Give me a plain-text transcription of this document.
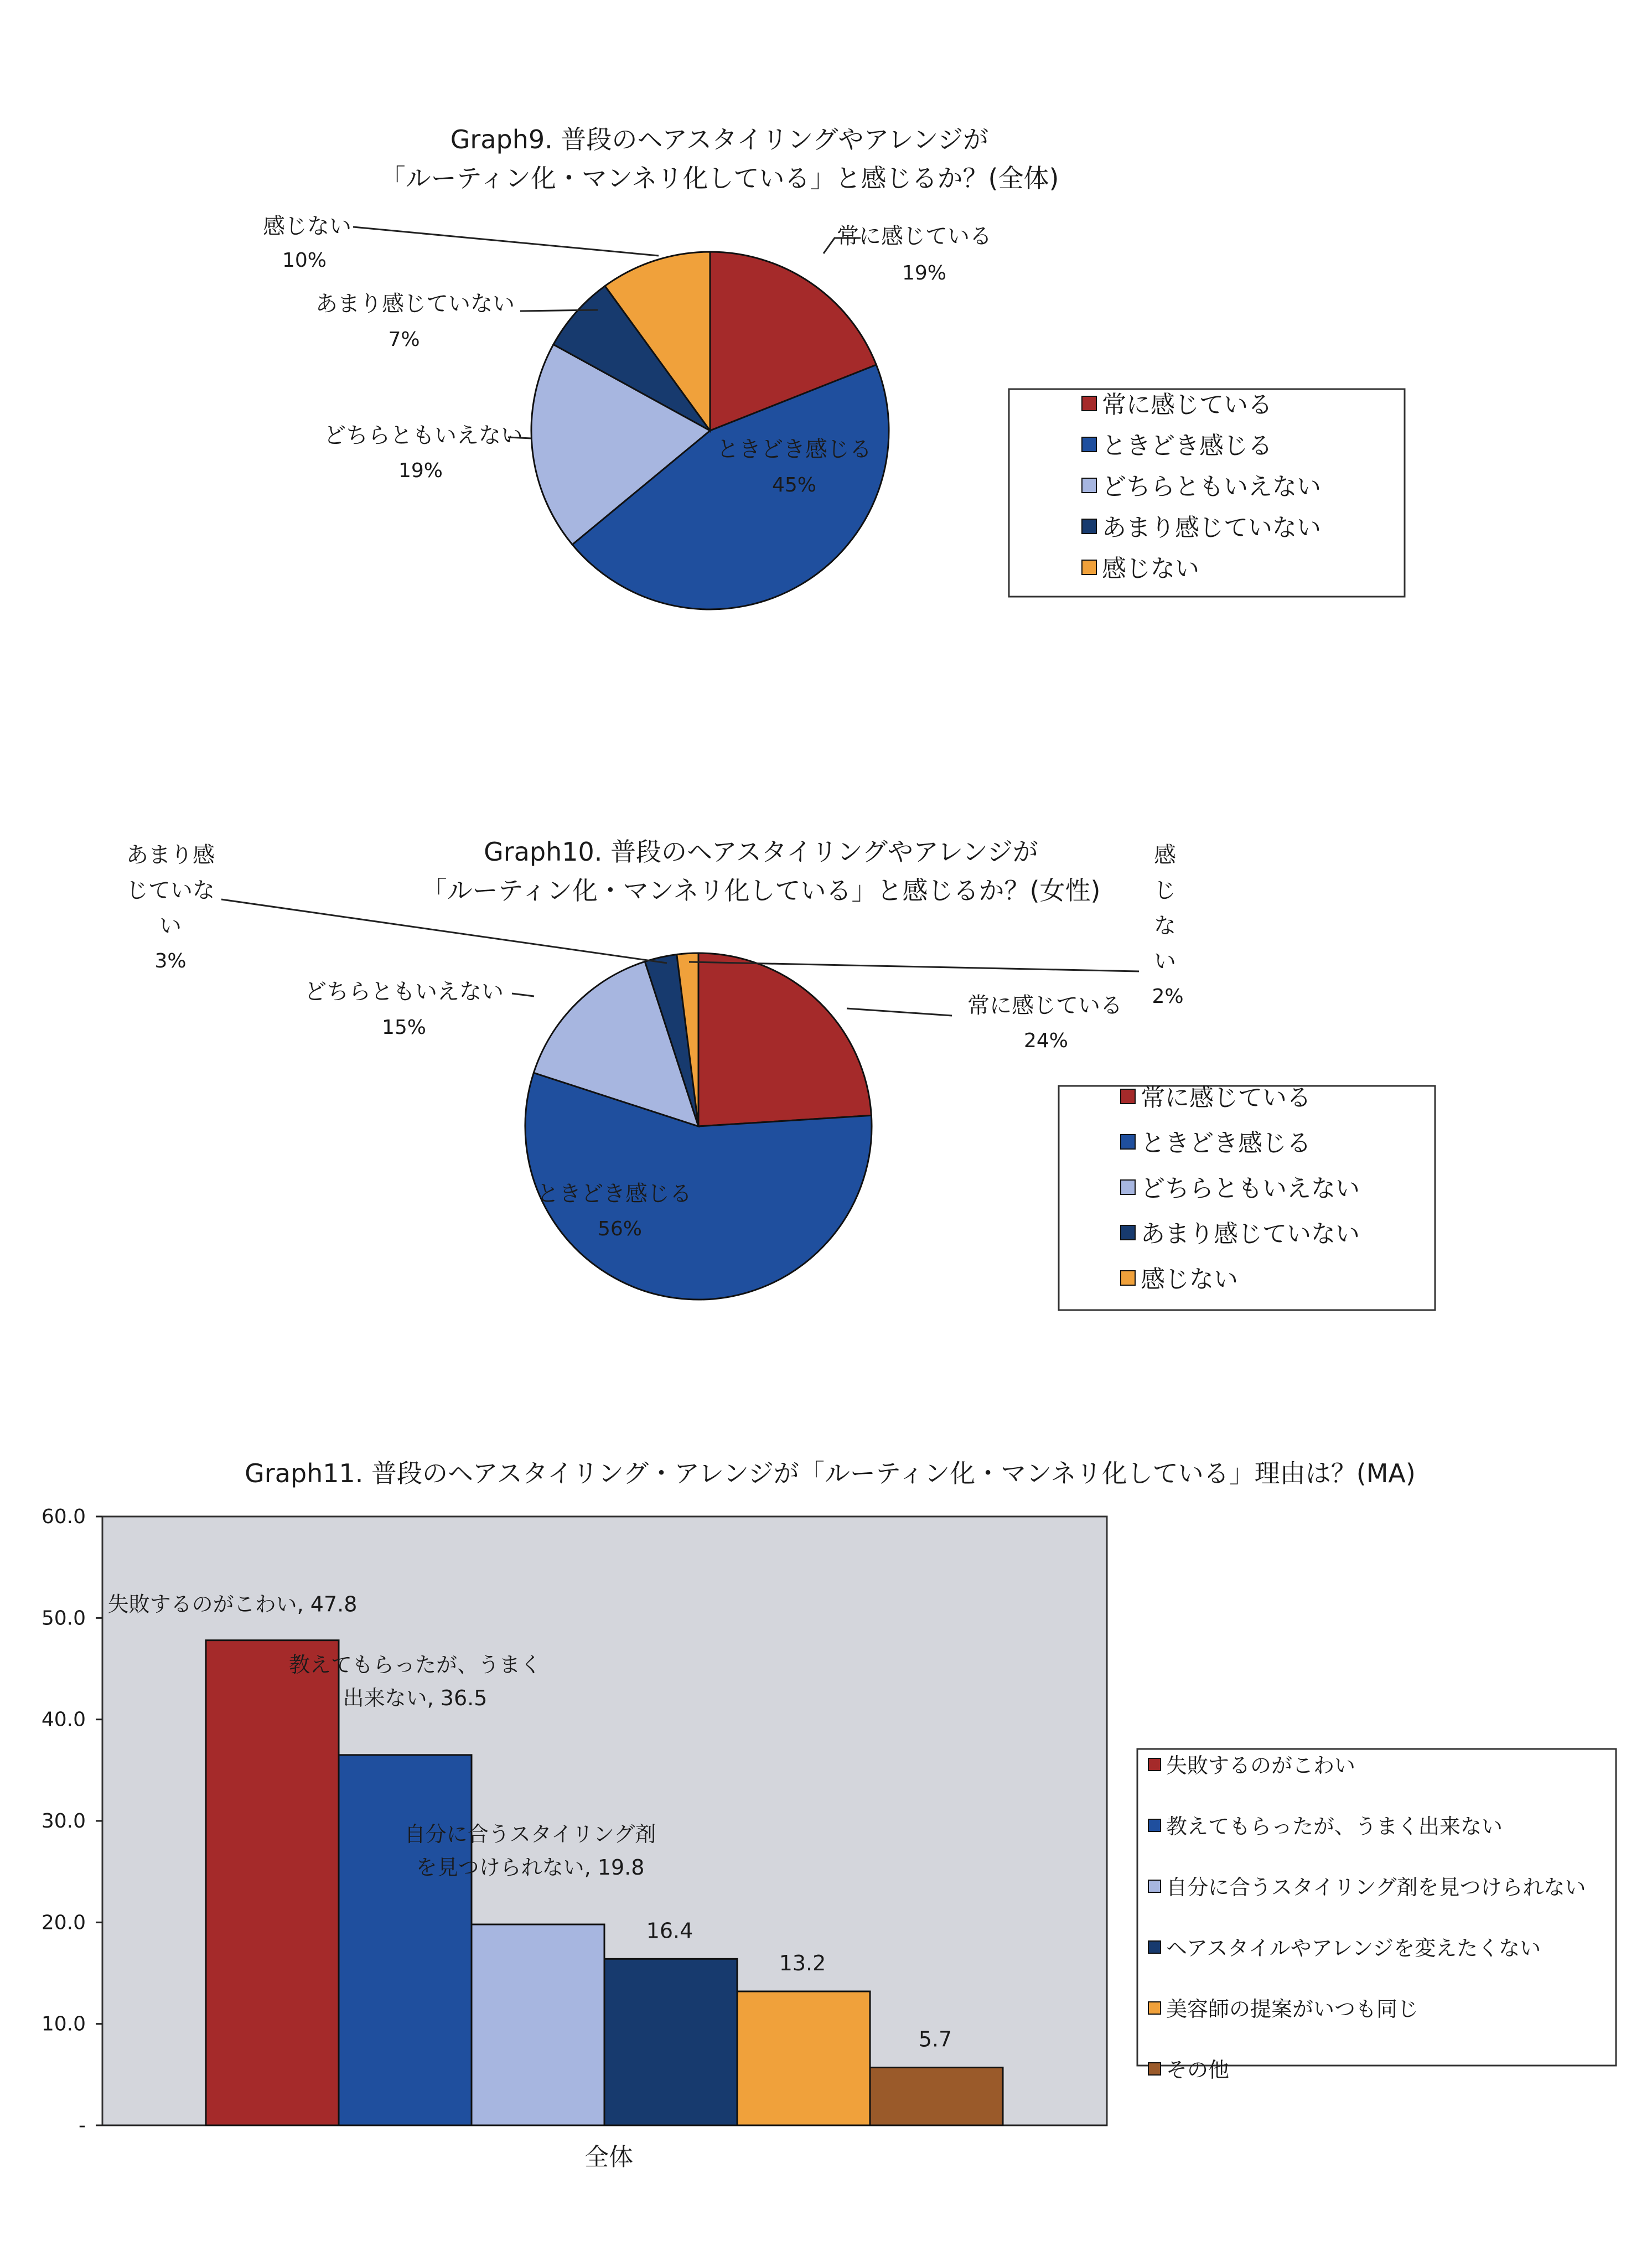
Graph9. 普段のヘアスタイリングやアレンジが
「ルーティン化・マンネリ化している」と感じるか？(全体)
常に感じている
19%
感じない
10%
あまり感じていない
7%
どちらともいえない
19%
ときどき感じる
45%
常に感じている
ときどき感じる
どちらともいえない
あまり感じていない
感じない
Graph10. 普段のヘアスタイリングやアレンジが
「ルーティン化・マンネリ化している」と感じるか？(女性)
常に感じている
24%
あまり感
じていな
い
3%
感
じ
な
い
2%
どちらともいえない
15%
ときどき感じる
56%
常に感じている
ときどき感じる
どちらともいえない
あまり感じていない
感じない
Graph11. 普段のヘアスタイリング・アレンジが「ルーティン化・マンネリ化している」理由は？(MA)
60.0
50.0
40.0
30.0
20.0
10.0
-
失敗するのがこわい, 47.8
教えてもらったが、うまく
出来ない, 36.5
自分に合うスタイリング剤
を見つけられない, 19.8
16.4
13.2
5.7
全体
失敗するのがこわい
教えてもらったが、うまく出来ない
自分に合うスタイリング剤を見つけられない
ヘアスタイルやアレンジを変えたくない
美容師の提案がいつも同じ
その他
